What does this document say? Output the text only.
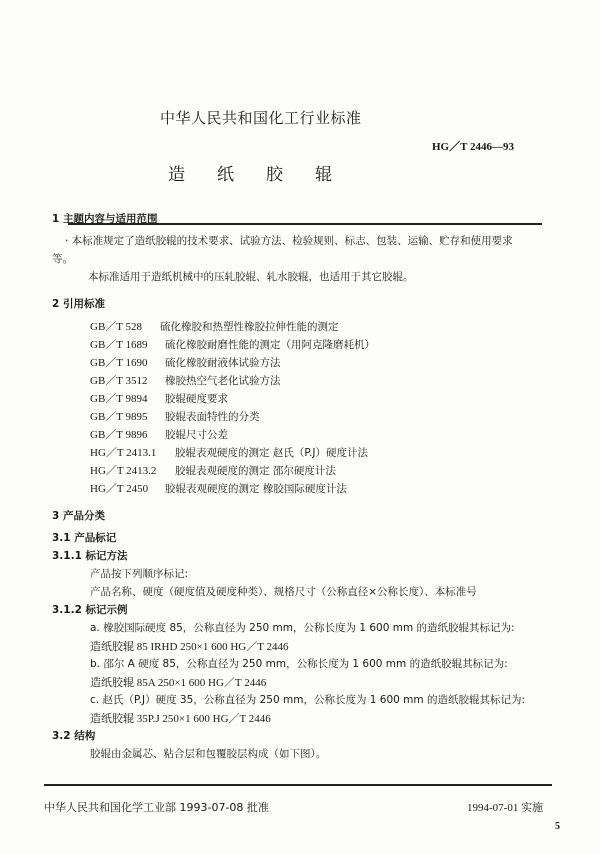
中华人民共和国化工行业标准
HG／T 2446—93
造 纸 胶 辊
1 主题内容与适用范围
· 本标准规定了造纸胶辊的技术要求、试验方法、检验规则、标志、包装、运输、贮存和使用要求
等。
本标准适用于造纸机械中的压轧胶辊、轧水胶辊，也适用于其它胶辊。
2 引用标准
GB／T 528 硫化橡胶和热塑性橡胶拉伸性能的测定
GB／T 1689 硫化橡胶耐磨性能的测定（用阿克隆磨耗机）
GB／T 1690 硫化橡胶耐液体试验方法
GB／T 3512 橡胶热空气老化试验方法
GB／T 9894 胶辊硬度要求
GB／T 9895 胶辊表面特性的分类
GB／T 9896 胶辊尺寸公差
HG／T 2413.1 胶辊表观硬度的测定 赵氏（P.J）硬度计法
HG／T 2413.2 胶辊表观硬度的测定 邵尔硬度计法
HG／T 2450 胶辊表观硬度的测定 橡胶国际硬度计法
3 产品分类
3.1 产品标记
3.1.1 标记方法
产品按下列顺序标记:
产品名称、硬度（硬度值及硬度种类）、规格尺寸（公称直径×公称长度）、本标准号
3.1.2 标记示例
a. 橡胶国际硬度 85，公称直径为 250 mm，公称长度为 1 600 mm 的造纸胶辊其标记为:
造纸胶辊 85 IRHD 250×1 600 HG／T 2446
b. 邵尔 A 硬度 85，公称直径为 250 mm，公称长度为 1 600 mm 的造纸胶辊其标记为:
造纸胶辊 85A 250×1 600 HG／T 2446
c. 赵氏（P.J）硬度 35，公称直径为 250 mm，公称长度为 1 600 mm 的造纸胶辊其标记为:
造纸胶辊 35P.J 250×1 600 HG／T 2446
3.2 结构
胶辊由金属芯、粘合层和包覆胶层构成（如下图）。
中华人民共和国化学工业部 1993-07-08 批准	1994-07-01 实施
5
